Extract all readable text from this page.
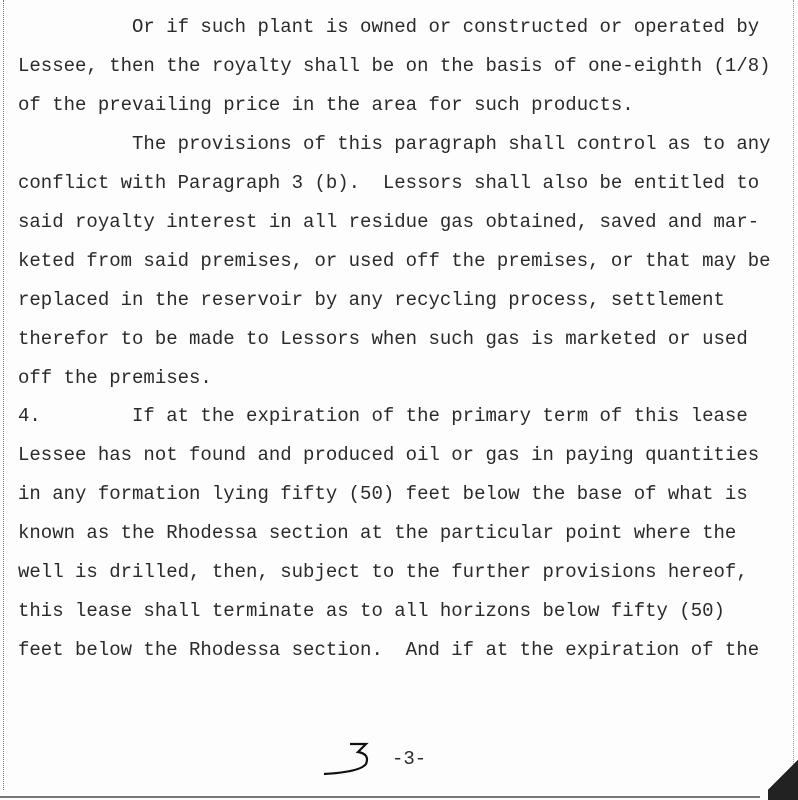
Or if such plant is owned or constructed or operated by
Lessee, then the royalty shall be on the basis of one-eighth (1/8)
of the prevailing price in the area for such products.
The provisions of this paragraph shall control as to any
conflict with Paragraph 3 (b).  Lessors shall also be entitled to
said royalty interest in all residue gas obtained, saved and mar-
keted from said premises, or used off the premises, or that may be
replaced in the reservoir by any recycling process, settlement
therefor to be made to Lessors when such gas is marketed or used
off the premises.
4.        If at the expiration of the primary term of this lease
Lessee has not found and produced oil or gas in paying quantities
in any formation lying fifty (50) feet below the base of what is
known as the Rhodessa section at the particular point where the
well is drilled, then, subject to the further provisions hereof,
this lease shall terminate as to all horizons below fifty (50)
feet below the Rhodessa section.  And if at the expiration of the
-3-
